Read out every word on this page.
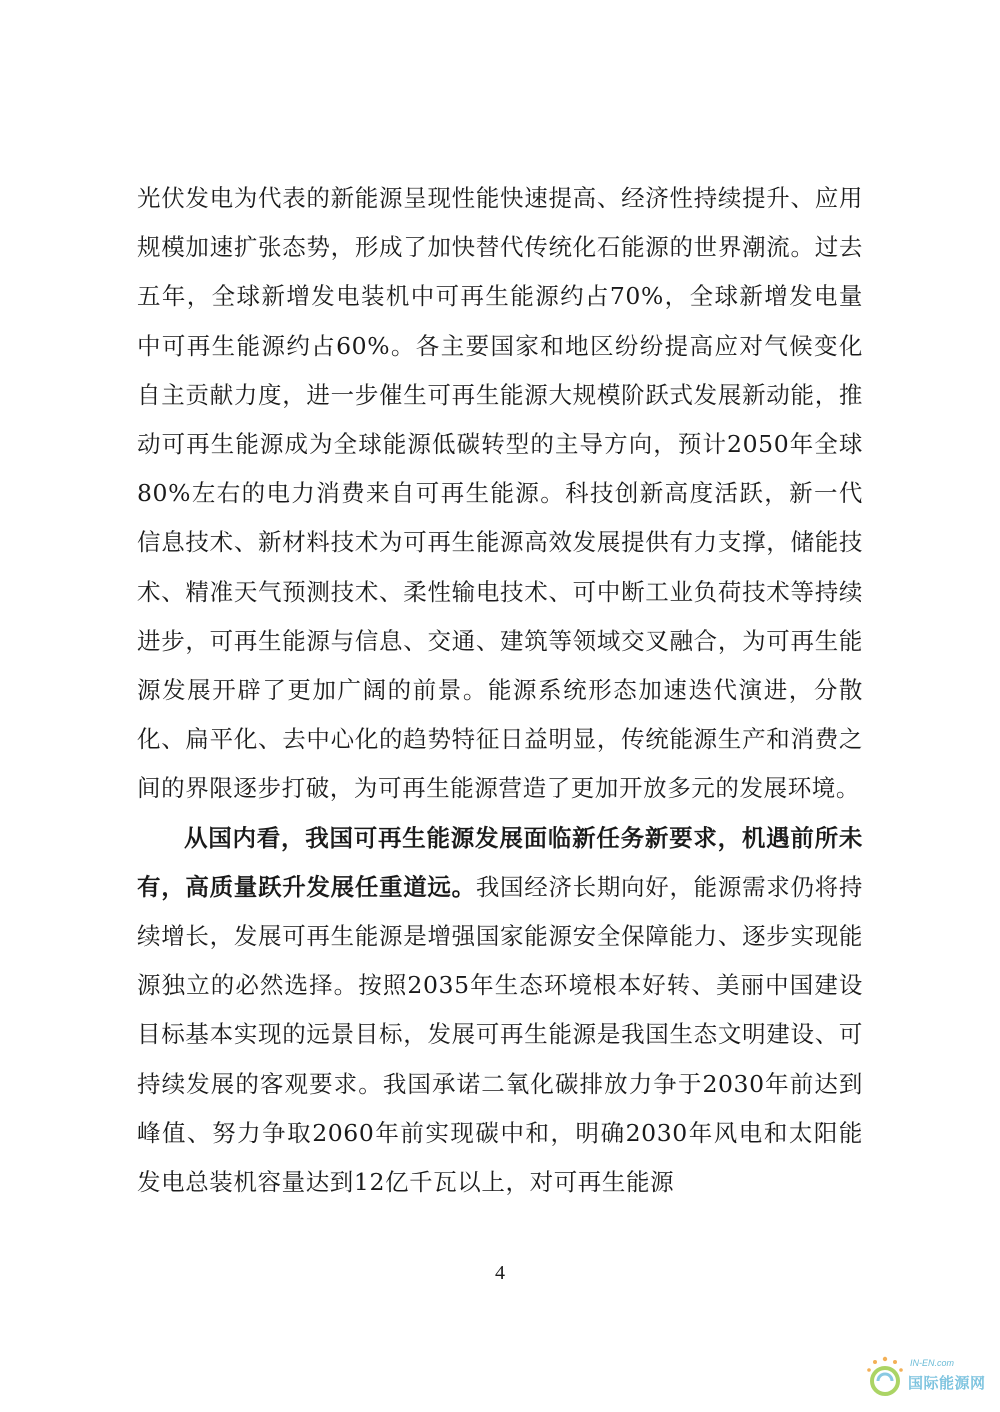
光伏发电为代表的新能源呈现性能快速提高、经济性持续提升、应用规模加速扩张态势，形成了加快替代传统化石能源的世界潮流。过去五年，全球新增发电装机中可再生能源约占70%，全球新增发电量中可再生能源约占60%。各主要国家和地区纷纷提高应对气候变化自主贡献力度，进一步催生可再生能源大规模阶跃式发展新动能，推动可再生能源成为全球能源低碳转型的主导方向，预计2050年全球80%左右的电力消费来自可再生能源。科技创新高度活跃，新一代信息技术、新材料技术为可再生能源高效发展提供有力支撑，储能技术、精准天气预测技术、柔性输电技术、可中断工业负荷技术等持续进步，可再生能源与信息、交通、建筑等领域交叉融合，为可再生能源发展开辟了更加广阔的前景。能源系统形态加速迭代演进，分散化、扁平化、去中心化的趋势特征日益明显，传统能源生产和消费之间的界限逐步打破，为可再生能源营造了更加开放多元的发展环境。

从国内看，我国可再生能源发展面临新任务新要求，机遇前所未有，高质量跃升发展任重道远。我国经济长期向好，能源需求仍将持续增长，发展可再生能源是增强国家能源安全保障能力、逐步实现能源独立的必然选择。按照2035年生态环境根本好转、美丽中国建设目标基本实现的远景目标，发展可再生能源是我国生态文明建设、可持续发展的客观要求。我国承诺二氧化碳排放力争于2030年前达到峰值、努力争取2060年前实现碳中和，明确2030年风电和太阳能发电总装机容量达到12亿千瓦以上，对可再生能源

4
IN-EN.com
国际能源网
